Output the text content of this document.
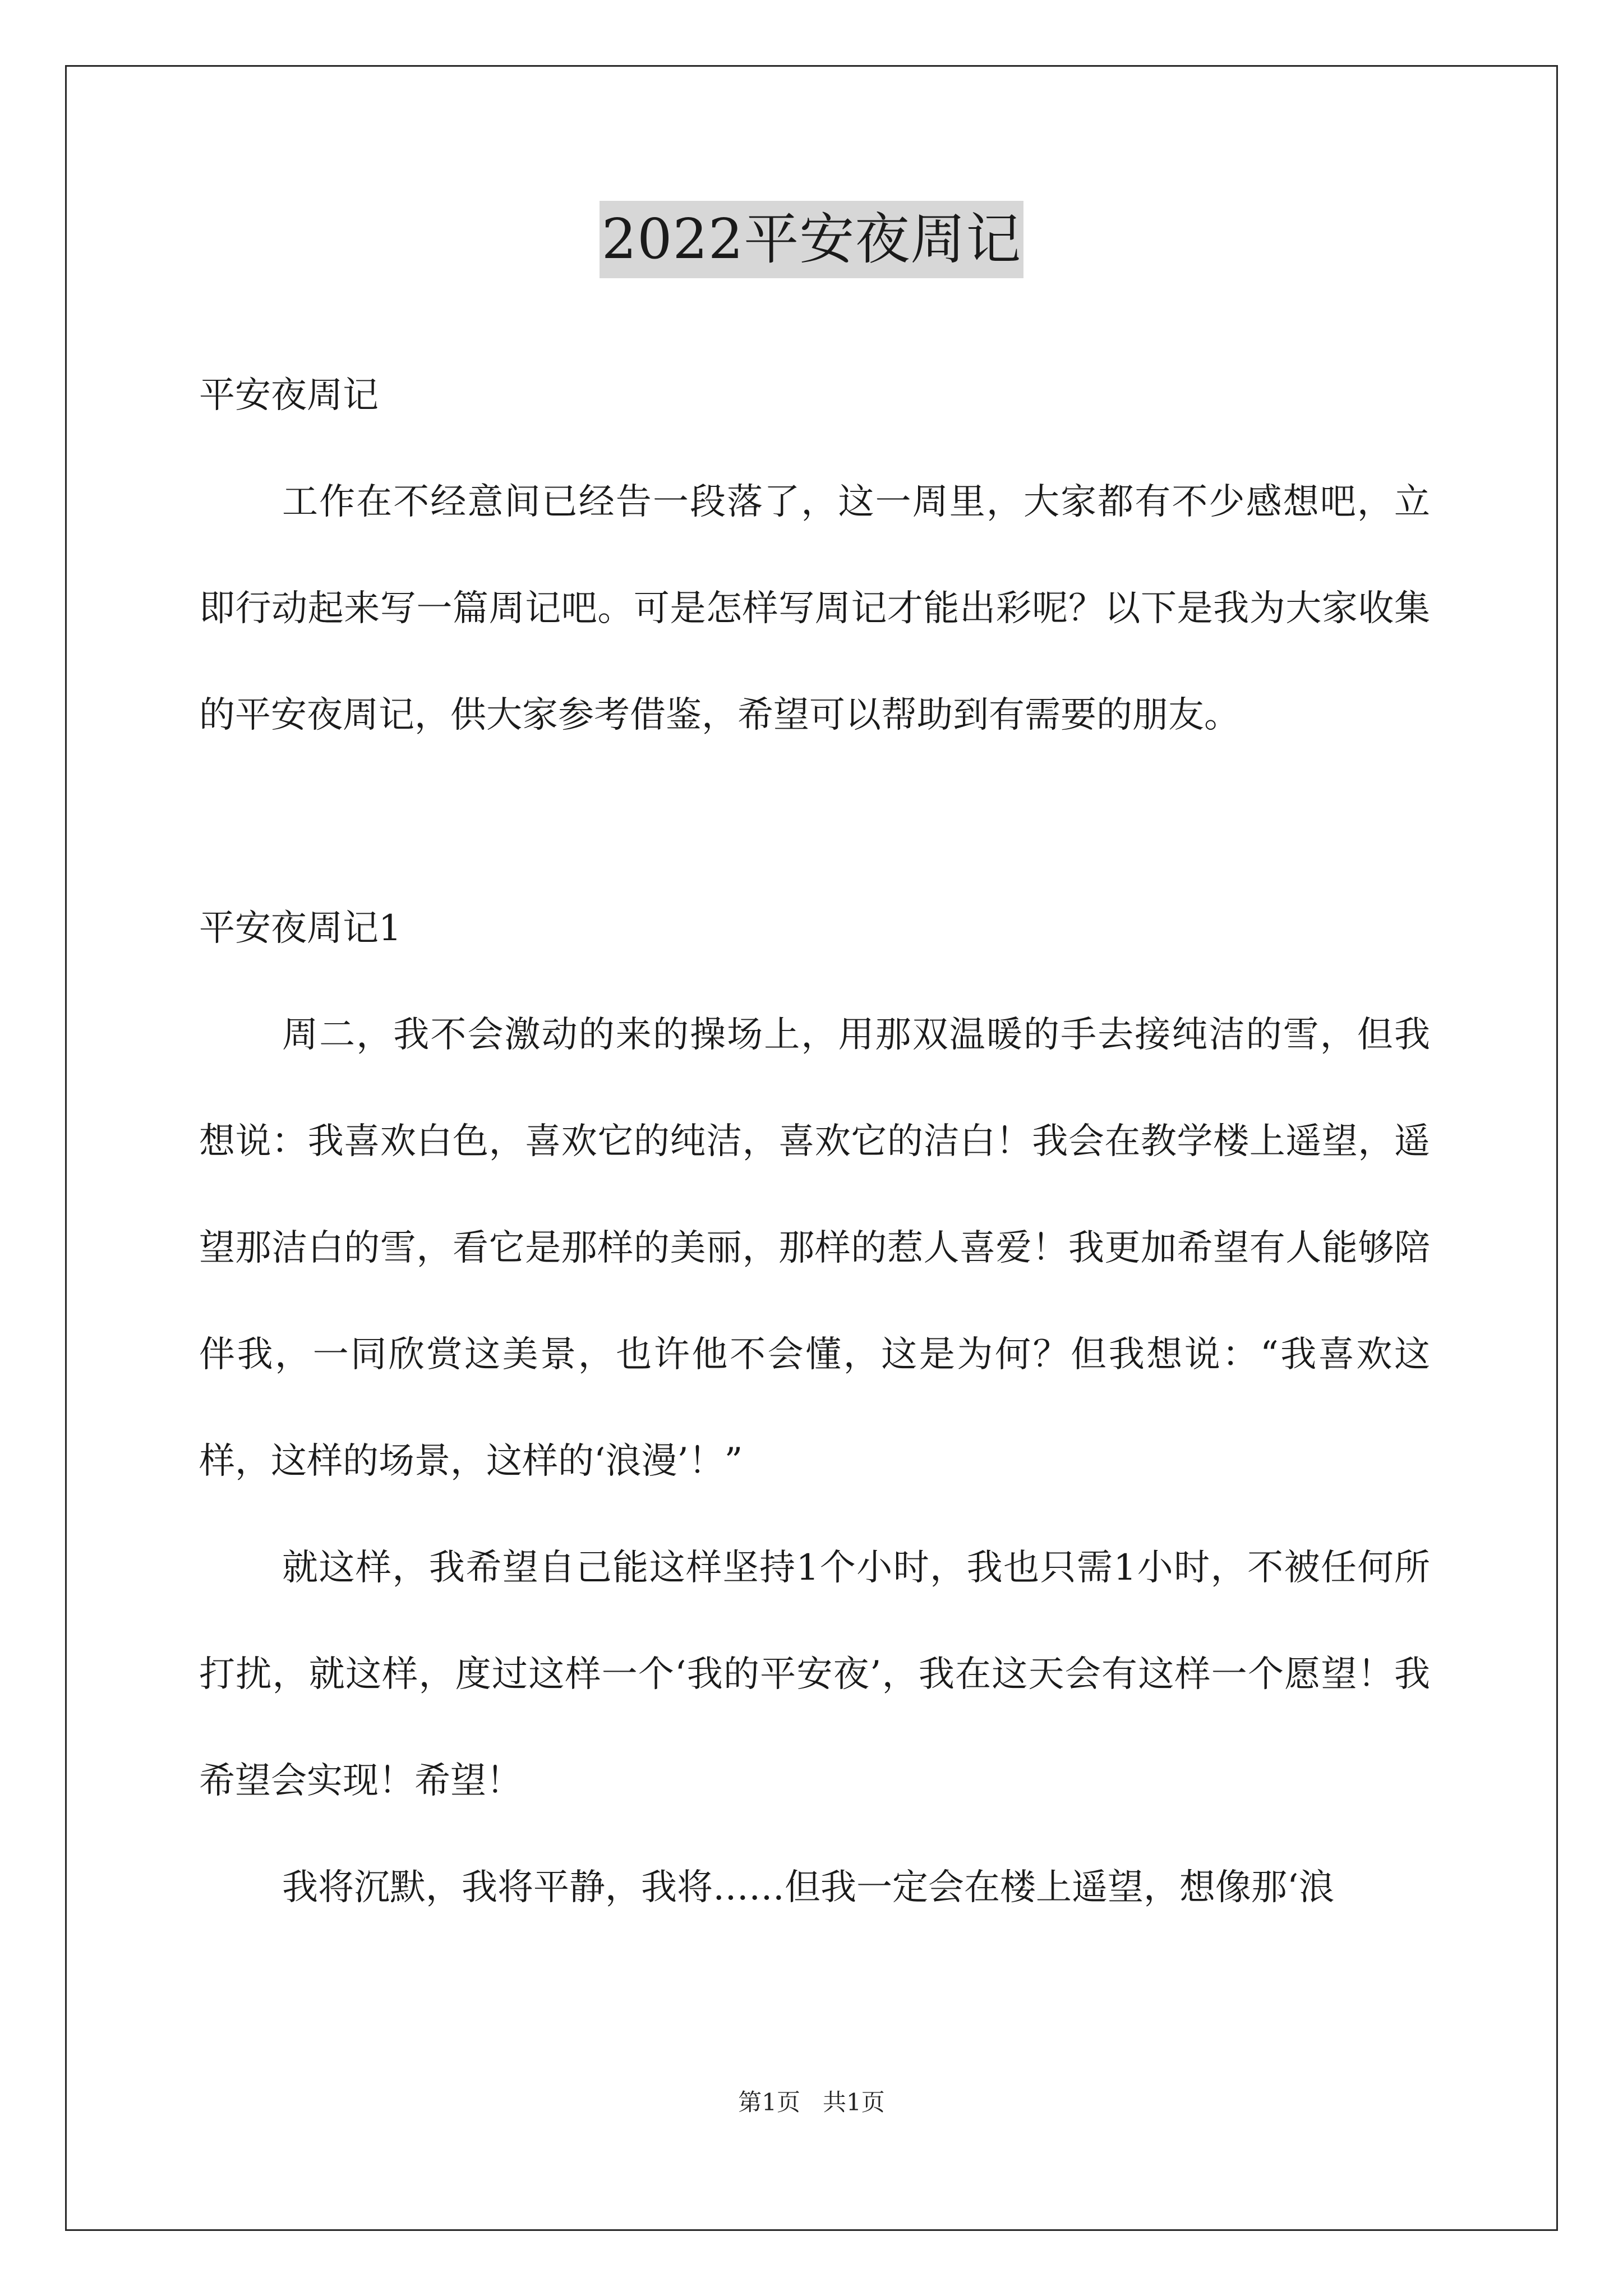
2022平安夜周记

平安夜周记

工作在不经意间已经告一段落了，这一周里，大家都有不少感想吧，立即行动起来写一篇周记吧。可是怎样写周记才能出彩呢？以下是我为大家收集的平安夜周记，供大家参考借鉴，希望可以帮助到有需要的朋友。

平安夜周记1

周二，我不会激动的来的操场上，用那双温暖的手去接纯洁的雪，但我想说：我喜欢白色，喜欢它的纯洁，喜欢它的洁白！我会在教学楼上遥望，遥望那洁白的雪，看它是那样的美丽，那样的惹人喜爱！我更加希望有人能够陪伴我，一同欣赏这美景，也许他不会懂，这是为何？但我想说：“我喜欢这样，这样的场景，这样的‘浪漫’！”

就这样，我希望自己能这样坚持1个小时，我也只需1小时，不被任何所打扰，就这样，度过这样一个‘我的平安夜’，我在这天会有这样一个愿望！我希望会实现！希望！

我将沉默，我将平静，我将……但我一定会在楼上遥望，想像那‘浪

第1页 共1页
